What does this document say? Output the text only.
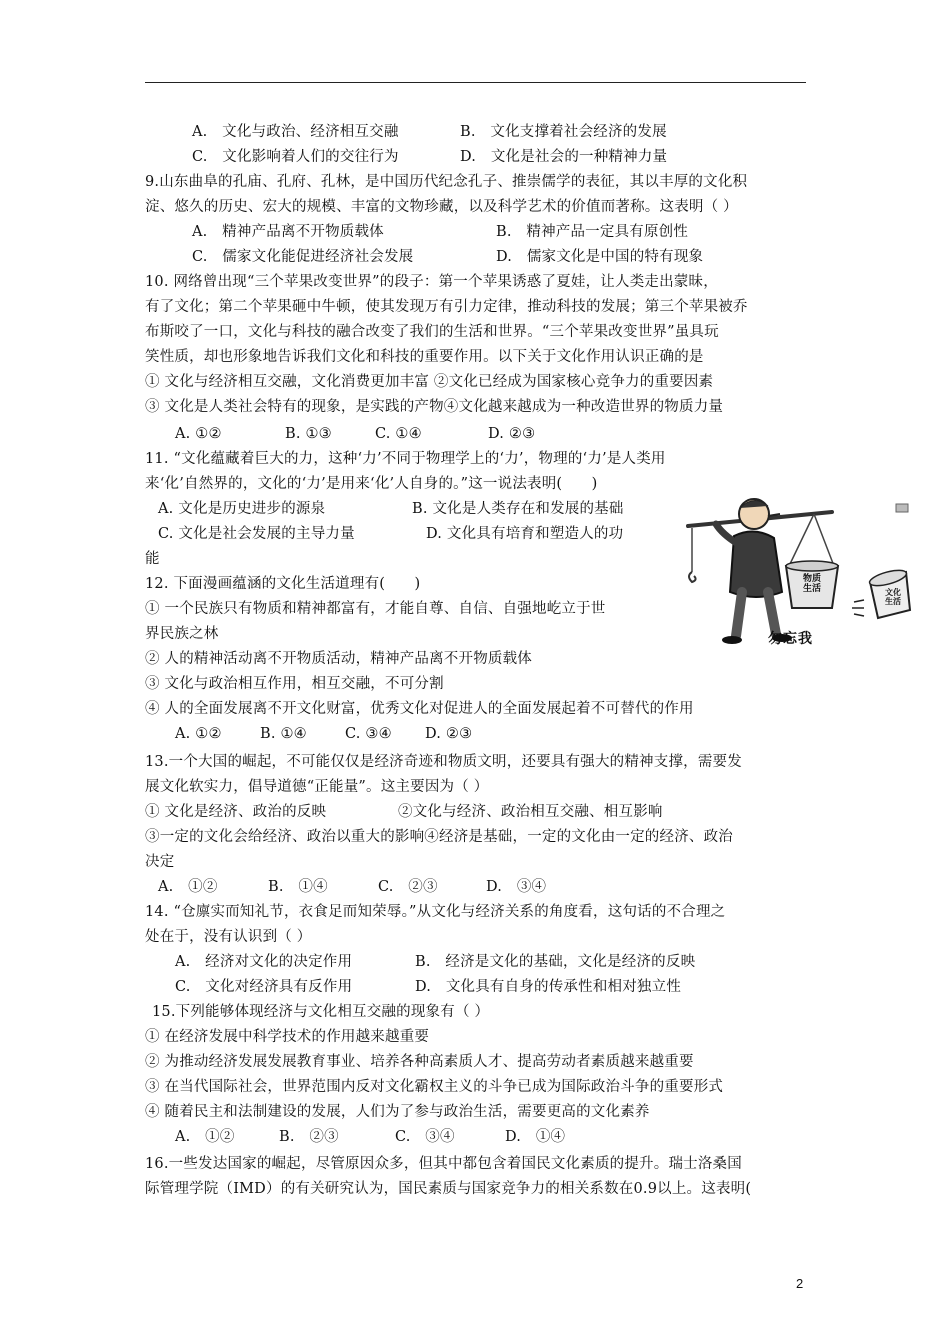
A.　文化与政治、经济相互交融	B.　文化支撑着社会经济的发展
C.　文化影响着人们的交往行为	D.　文化是社会的一种精神力量
9.山东曲阜的孔庙、孔府、孔林，是中国历代纪念孔子、推崇儒学的表征，其以丰厚的文化积
淀、悠久的历史、宏大的规模、丰富的文物珍藏，以及科学艺术的价值而著称。这表明（ ）
A.　精神产品离不开物质载体	B.　精神产品一定具有原创性
C.　儒家文化能促进经济社会发展	D.　儒家文化是中国的特有现象
10. 网络曾出现“三个苹果改变世界”的段子：第一个苹果诱惑了夏娃，让人类走出蒙昧，
有了文化；第二个苹果砸中牛顿，使其发现万有引力定律，推动科技的发展；第三个苹果被乔
布斯咬了一口，文化与科技的融合改变了我们的生活和世界。“三个苹果改变世界”虽具玩
笑性质，却也形象地告诉我们文化和科技的重要作用。以下关于文化作用认识正确的是
① 文化与经济相互交融，文化消费更加丰富 ②文化已经成为国家核心竞争力的重要因素
③ 文化是人类社会特有的现象，是实践的产物④文化越来越成为一种改造世界的物质力量
A. ①②	B. ①③	C. ①④	D. ②③
11. “文化蕴藏着巨大的力，这种‘力’不同于物理学上的‘力’，物理的‘力’是人类用
来‘化’自然界的，文化的‘力’是用来‘化’人自身的。”这一说法表明(　　)
A. 文化是历史进步的源泉	B. 文化是人类存在和发展的基础
C. 文化是社会发展的主导力量	D. 文化具有培育和塑造人的功
能
12. 下面漫画蕴涵的文化生活道理有(　　)
① 一个民族只有物质和精神都富有，才能自尊、自信、自强地屹立于世
界民族之林
② 人的精神活动离不开物质活动，精神产品离不开物质载体
③ 文化与政治相互作用，相互交融，不可分割
④ 人的全面发展离不开文化财富，优秀文化对促进人的全面发展起着不可替代的作用
A. ①②	B. ①④	C. ③④ D. ②③
物质
生活
勿忘我
文化
生活
13.一个大国的崛起，不可能仅仅是经济奇迹和物质文明，还要具有强大的精神支撑，需要发
展文化软实力，倡导道德“正能量”。这主要因为（ ）
① 文化是经济、政治的反映	②文化与经济、政治相互交融、相互影响
③一定的文化会给经济、政治以重大的影响④经济是基础，一定的文化由一定的经济、政治
决定
A.　①②	B.　①④	C.　②③	D.　③④
14. “仓廪实而知礼节，衣食足而知荣辱。”从文化与经济关系的角度看，这句话的不合理之
处在于，没有认识到（ ）
A.　经济对文化的决定作用	B.　经济是文化的基础，文化是经济的反映
C.　文化对经济具有反作用	D.　文化具有自身的传承性和相对独立性
15.下列能够体现经济与文化相互交融的现象有（ ）
① 在经济发展中科学技术的作用越来越重要
② 为推动经济发展发展教育事业、培养各种高素质人才、提高劳动者素质越来越重要
③ 在当代国际社会，世界范围内反对文化霸权主义的斗争已成为国际政治斗争的重要形式
④ 随着民主和法制建设的发展，人们为了参与政治生活，需要更高的文化素养
A.　①②	B.　②③	C.　③④	D.　①④
16.一些发达国家的崛起，尽管原因众多，但其中都包含着国民文化素质的提升。瑞士洛桑国
际管理学院（IMD）的有关研究认为，国民素质与国家竞争力的相关系数在0.9以上。这表明(
2
